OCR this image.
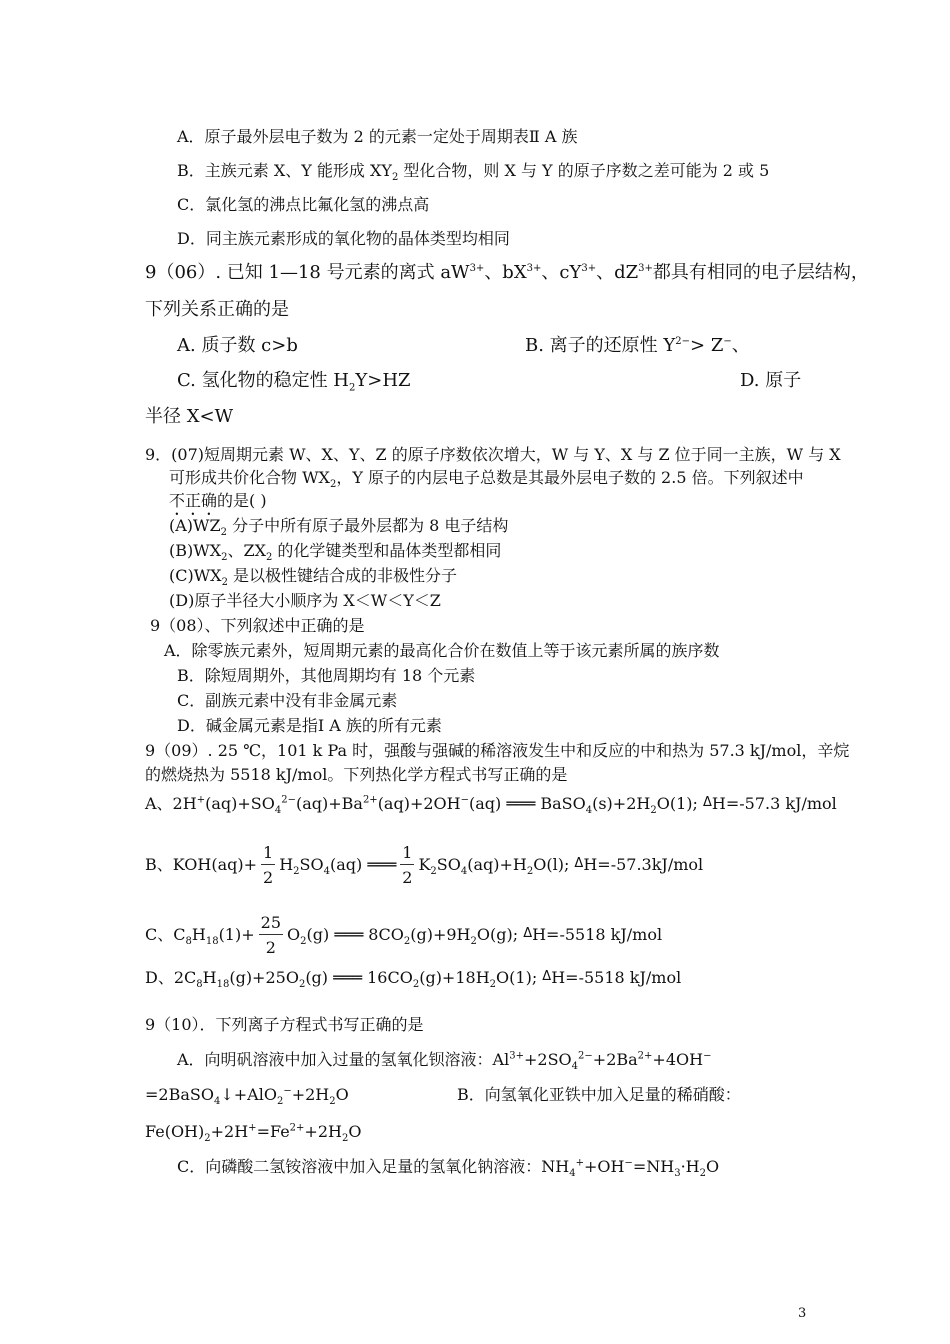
A．原子最外层电子数为 2 的元素一定处于周期表Ⅱ A 族
B．主族元素 X、Y 能形成 $XY_2$ 型化合物，则 X 与 Y 的原子序数之差可能为 2 或 5
C．氯化氢的沸点比氟化氢的沸点高
D．同主族元素形成的氧化物的晶体类型均相同
9（06）. 已知 1—18 号元素的离式 $aW^{3+}$、$bX^{3+}$、$cY^{3+}$、$dZ^{3+}$都具有相同的电子层结构，
下列关系正确的是
A. 质子数 c>b	B. 离子的还原性 $Y^{2-}> Z^-$、
C. 氢化物的稳定性 $H_2Y>HZ$	D. 原子
半径 X<W
9．(07)短周期元素 W、X、Y、Z 的原子序数依次增大，W 与 Y、X 与 Z 位于同一主族，W 与 X
可形成共价化合物 $WX_2$，Y 原子的内层电子总数是其最外层电子数的 2.5 倍。下列叙述中
不正确的是( )
$(A)WZ_2$ 分子中所有原子最外层都为 8 电子结构
$(B)WX_2$、$ZX_2$ 的化学键类型和晶体类型都相同
$(C)WX_2$ 是以极性键结合成的非极性分子
(D)原子半径大小顺序为 X＜W＜Y＜Z
9（08）、下列叙述中正确的是
A．除零族元素外，短周期元素的最高化合价在数值上等于该元素所属的族序数
B．除短周期外，其他周期均有 18 个元素
C．副族元素中没有非金属元素
D．碱金属元素是指Ⅰ A 族的所有元素
9（09）. 25 ℃，101 k Pa 时，强酸与强碱的稀溶液发生中和反应的中和热为 57.3 kJ/mol，辛烷
的燃烧热为 5518 kJ/mol。下列热化学方程式书写正确的是
A、$2H^+(aq)+SO_4^{2-}(aq)+Ba^{2+}(aq)+2OH^-(aq)$ ═══ $BaSO_4(s)+2H_2O(1)$; ΔH=-57.3 kJ/mol
B、$KOH(aq)+ \frac{1}{2} H_2SO_4(aq)$ ═══ $\frac{1}{2} K_2SO_4(aq)+H_2O(l)$; ΔH=-57.3kJ/mol
C、$C_8H_{18}(1)+ \frac{25}{2} O_2(g)$ ═══ $8CO_2(g)+9H_2O(g)$; ΔH=-5518 kJ/mol
D、$2C_8H_{18}(g)+25O_2(g)$ ═══ $16CO_2(g)+18H_2O(1)$; ΔH=-5518 kJ/mol
9（10）．下列离子方程式书写正确的是
A．向明矾溶液中加入过量的氢氧化钡溶液：$Al^{3+}+2SO_4^{2-}+2Ba^{2+}+4OH^-$
$=2BaSO_4↓+AlO_2^-+2H_2O$	B．向氢氧化亚铁中加入足量的稀硝酸：
$Fe(OH)_2+2H^+=Fe^{2+}+2H_2O$
C．向磷酸二氢铵溶液中加入足量的氢氧化钠溶液：$NH_4^++OH^-=NH_3\cdot H_2O$
3
